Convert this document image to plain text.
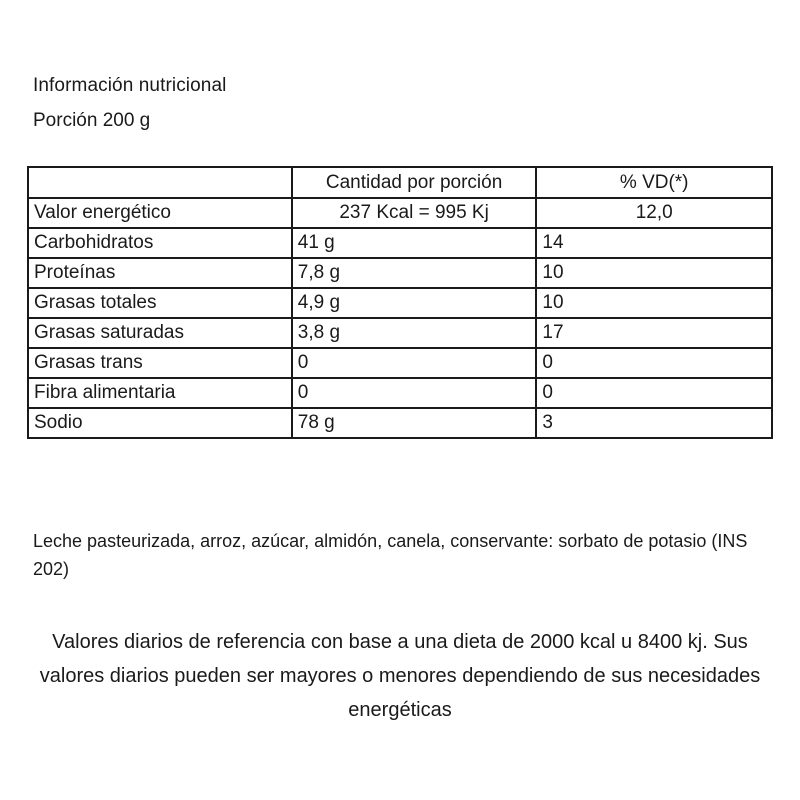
Información nutricional
Porción 200 g
	Cantidad por porción	% VD(*)
Valor energético	237 Kcal = 995 Kj	12,0
Carbohidratos	41 g	14
Proteínas	7,8 g	10
Grasas totales	4,9 g	10
Grasas saturadas	3,8 g	17
Grasas trans	0	0
Fibra alimentaria	0	0
Sodio	78 g	3
Leche pasteurizada, arroz, azúcar, almidón, canela, conservante: sorbato de potasio (INS 202)
Valores diarios de referencia con base a una dieta de 2000 kcal u 8400 kj. Sus valores diarios pueden ser mayores o menores dependiendo de sus necesidades energéticas
